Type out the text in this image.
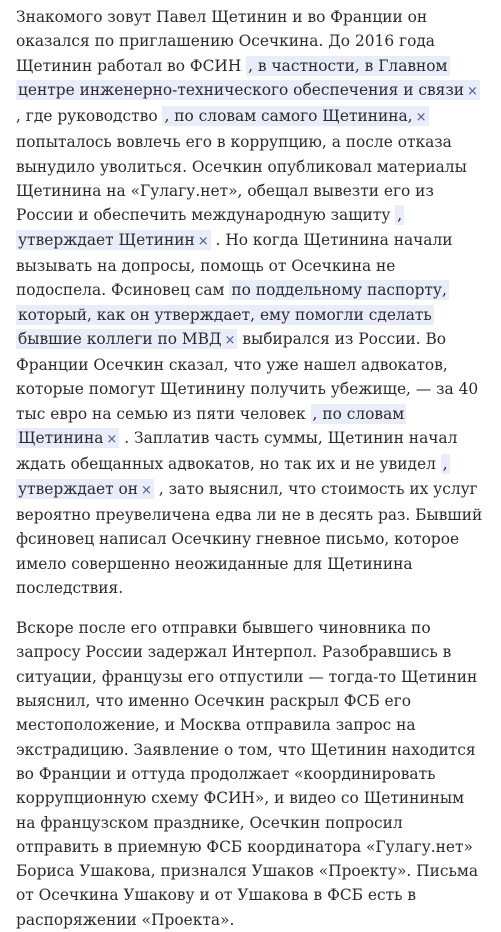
Знакомого зовут Павел Щетинин и во Франции он оказался по приглашению Осечкина. До 2016 года Щетинин работал во ФСИН , в частности, в Главном центре инженерно-технического обеспечения и связи × , где руководство , по словам самого Щетинина, × попыталось вовлечь его в коррупцию, а после отказа вынудило уволиться. Осечкин опубликовал материалы Щетинина на «Гулагу.нет», обещал вывезти его из России и обеспечить международную защиту , утверждает Щетинин × . Но когда Щетинина начали вызывать на допросы, помощь от Осечкина не подоспела. Фсиновец сам по поддельному паспорту, который, как он утверждает, ему помогли сделать бывшие коллеги по МВД × выбирался из России. Во Франции Осечкин сказал, что уже нашел адвокатов, которые помогут Щетинину получить убежище, — за 40 тыс евро на семью из пяти человек , по словам Щетинина × . Заплатив часть суммы, Щетинин начал ждать обещанных адвокатов, но так их и не увидел , утверждает он × , зато выяснил, что стоимость их услуг вероятно преувеличена едва ли не в десять раз. Бывший фсиновец написал Осечкину гневное письмо, которое имело совершенно неожиданные для Щетинина последствия.

Вскоре после его отправки бывшего чиновника по запросу России задержал Интерпол. Разобравшись в ситуации, французы его отпустили — тогда-то Щетинин выяснил, что именно Осечкин раскрыл ФСБ его местоположение, и Москва отправила запрос на экстрадицию. Заявление о том, что Щетинин находится во Франции и оттуда продолжает «координировать коррупционную схему ФСИН», и видео со Щетининым на французском празднике, Осечкин попросил отправить в приемную ФСБ координатора «Гулагу.нет» Бориса Ушакова, признался Ушаков «Проекту». Письма от Осечкина Ушакову и от Ушакова в ФСБ есть в распоряжении «Проекта».
